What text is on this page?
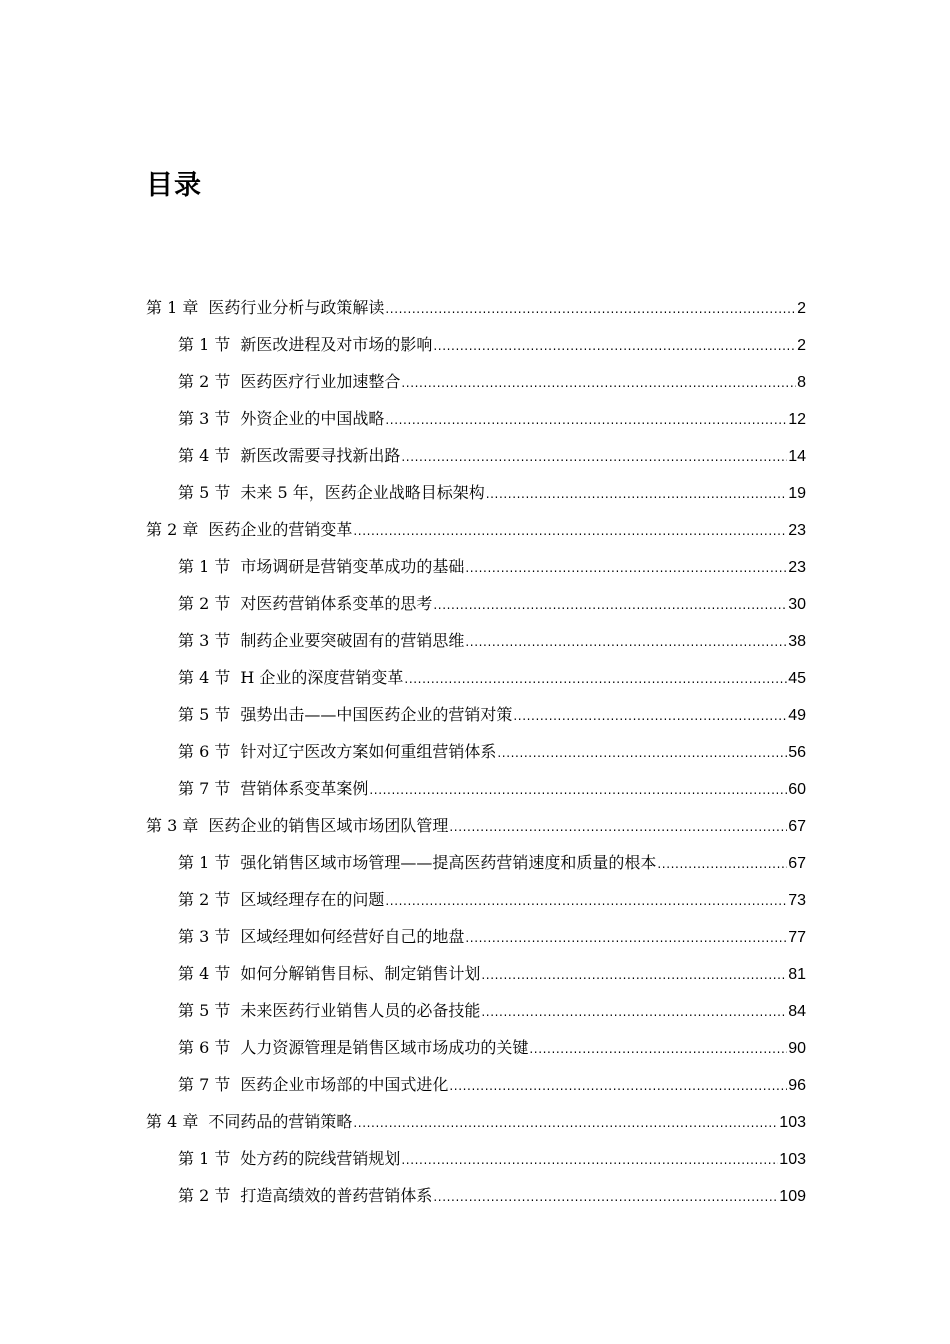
目录
第 1 章 医药行业分析与政策解读 .....	2
第 1 节 新医改进程及对市场的影响 .....	2
第 2 节 医药医疗行业加速整合 .....	8
第 3 节 外资企业的中国战略 .....	12
第 4 节 新医改需要寻找新出路 .....	14
第 5 节 未来 5 年，医药企业战略目标架构 .....	19
第 2 章 医药企业的营销变革 .....	23
第 1 节 市场调研是营销变革成功的基础 .....	23
第 2 节 对医药营销体系变革的思考 .....	30
第 3 节 制药企业要突破固有的营销思维 .....	38
第 4 节 H 企业的深度营销变革 .....	45
第 5 节 强势出击——中国医药企业的营销对策 .....	49
第 6 节 针对辽宁医改方案如何重组营销体系 .....	56
第 7 节 营销体系变革案例 .....	60
第 3 章 医药企业的销售区域市场团队管理 .....	67
第 1 节 强化销售区域市场管理——提高医药营销速度和质量的根本 .....	67
第 2 节 区域经理存在的问题 .....	73
第 3 节 区域经理如何经营好自己的地盘 .....	77
第 4 节 如何分解销售目标、制定销售计划 .....	81
第 5 节 未来医药行业销售人员的必备技能 .....	84
第 6 节 人力资源管理是销售区域市场成功的关键 .....	90
第 7 节 医药企业市场部的中国式进化 .....	96
第 4 章 不同药品的营销策略 .....	103
第 1 节 处方药的院线营销规划 .....	103
第 2 节 打造高绩效的普药营销体系 .....	109
